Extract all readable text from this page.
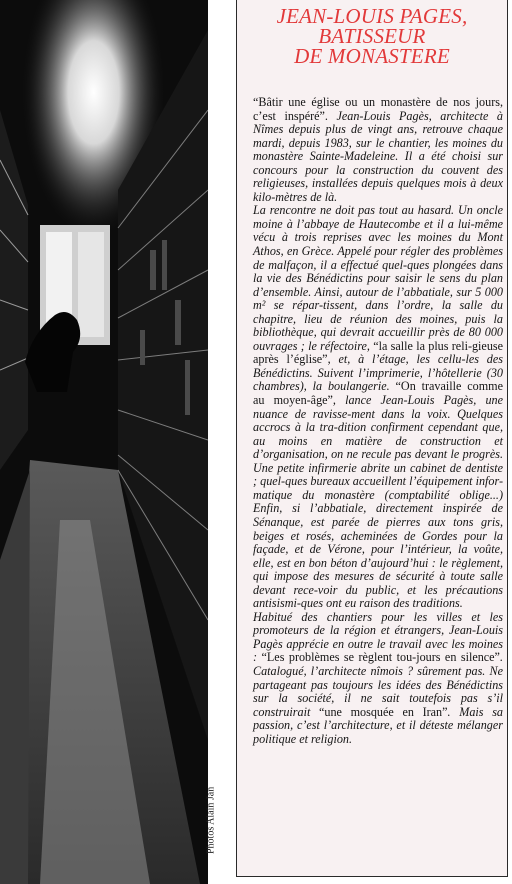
Photos Alain Jan
JEAN-LOUIS PAGES,
BATISSEUR
DE MONASTERE

“Bâtir une église ou un monastère de nos jours, c’est inspéré”. Jean-Louis Pagès, architecte à Nîmes depuis plus de vingt ans, retrouve chaque mardi, depuis 1983, sur le chantier, les moines du monastère Sainte-Madeleine. Il a été choisi sur concours pour la construction du couvent des religieuses, installées depuis quelques mois à deux kilo-mètres de là.

La rencontre ne doit pas tout au hasard. Un oncle moine à l’abbaye de Hautecombe et il a lui-même vécu à trois reprises avec les moines du Mont Athos, en Grèce. Appelé pour régler des problèmes de malfaçon, il a effectué quel-ques plongées dans la vie des Bénédictins pour saisir le sens du plan d’ensemble. Ainsi, autour de l’abbatiale, sur 5 000 m² se répar-tissent, dans l’ordre, la salle du chapitre, lieu de réunion des moines, puis la bibliothèque, qui devrait accueillir près de 80 000 ouvrages ; le réfectoire, “la salle la plus reli-gieuse après l’église”, et, à l’étage, les cellu-les des Bénédictins. Suivent l’imprimerie, l’hôtellerie (30 chambres), la boulangerie. “On travaille comme au moyen-âge”, lance Jean-Louis Pagès, une nuance de ravisse-ment dans la voix. Quelques accrocs à la tra-dition confirment cependant que, au moins en matière de construction et d’organisation, on ne recule pas devant le progrès. Une petite infirmerie abrite un cabinet de dentiste ; quel-ques bureaux accueillent l’équipement infor-matique du monastère (comptabilité oblige...) Enfin, si l’abbatiale, directement inspirée de Sénanque, est parée de pierres aux tons gris, beiges et rosés, acheminées de Gordes pour la façade, et de Vérone, pour l’intérieur, la voûte, elle, est en bon béton d’aujourd’hui : le règlement, qui impose des mesures de sécurité à toute salle devant rece-voir du public, et les précautions antisismi-ques ont eu raison des traditions.

Habitué des chantiers pour les villes et les promoteurs de la région et étrangers, Jean-Louis Pagès apprécie en outre le travail avec les moines : “Les problèmes se règlent tou-jours en silence”. Catalogué, l’architecte nîmois ? sûrement pas. Ne partageant pas toujours les idées des Bénédictins sur la société, il ne sait toutefois pas s’il construirait “une mosquée en Iran”. Mais sa passion, c’est l’architecture, et il déteste mélanger politique et religion.
